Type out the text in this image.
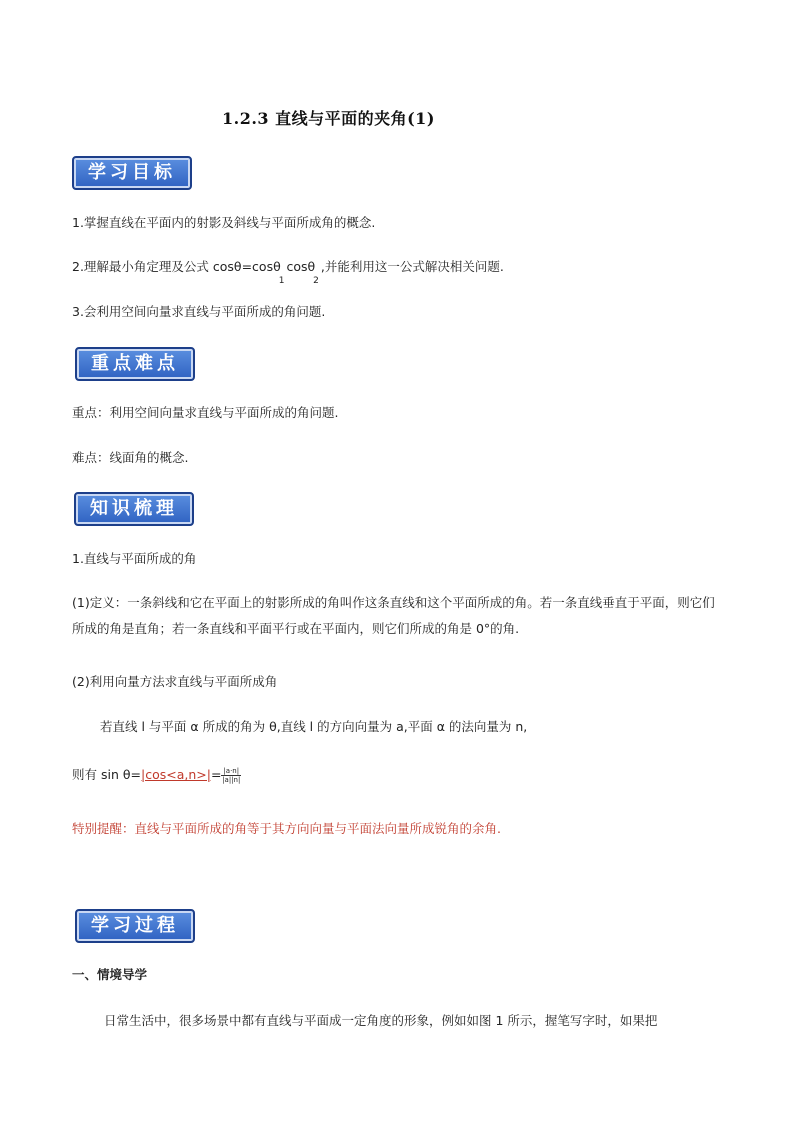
1.2.3 直线与平面的夹角(1)
学习目标
1.掌握直线在平面内的射影及斜线与平面所成角的概念.
2.理解最小角定理及公式 cosθ=cosθ$_1$cosθ$_2$,并能利用这一公式解决相关问题.
3.会利用空间向量求直线与平面所成的角问题.
重点难点
重点：利用空间向量求直线与平面所成的角问题.
难点：线面角的概念.
知识梳理
1.直线与平面所成的角
(1)定义：一条斜线和它在平面上的射影所成的角叫作这条直线和这个平面所成的角。若一条直线垂直于平面，则它们所成的角是直角；若一条直线和平面平行或在平面内，则它们所成的角是 0°的角.
(2)利用向量方法求直线与平面所成角
若直线 l 与平面 α 所成的角为 θ,直线 l 的方向向量为 a,平面 α 的法向量为 n,
则有 $\sin \theta=|\cos<a,n>|= \frac{|a\cdot n|}{|a||n|}$
特别提醒：直线与平面所成的角等于其方向向量与平面法向量所成锐角的余角.
学习过程
一、情境导学
日常生活中，很多场景中都有直线与平面成一定角度的形象，例如如图 1 所示，握笔写字时，如果把
